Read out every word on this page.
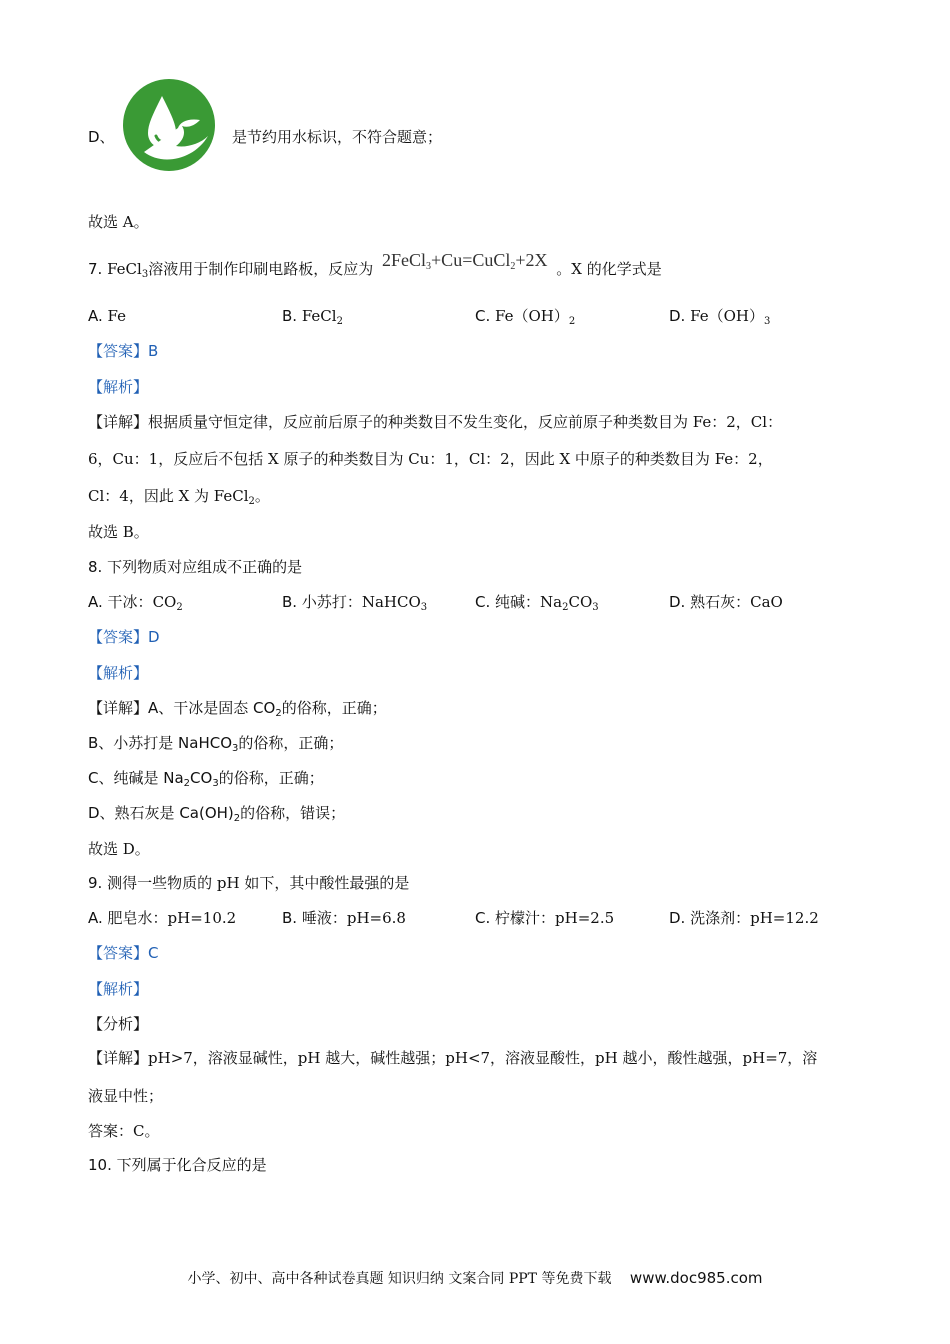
D、	是节约用水标识，不符合题意；
故选 A。
7. FeCl$_3$溶液用于制作印刷电路板，反应为 2FeCl$_3$+Cu=CuCl$_2$+2X 。X 的化学式是
A. Fe	B. FeCl$_2$	C. $Fe(OH)_2$	D. $Fe(OH)_3$
【答案】B
【解析】
【详解】根据质量守恒定律，反应前后原子的种类数目不发生变化，反应前原子种类数目为 Fe：2，Cl：
6，Cu：1，反应后不包括 X 原子的种类数目为 Cu：1，Cl：2，因此 X 中原子的种类数目为 Fe：2，
Cl：4，因此 X 为 FeCl$_2$。
故选 B。
8. 下列物质对应组成不正确的是
A. 干冰：$CO_2$	B. 小苏打：NaHCO$_3$	C. 纯碱：$Na_2CO_3$	D. 熟石灰：CaO
【答案】D
【解析】
【详解】A、干冰是固态 $CO_2$的俗称，正确；
B、小苏打是 NaHCO$_3$的俗称，正确；
C、纯碱是 $Na_2CO_3$的俗称，正确；
D、熟石灰是 $Ca(OH)_2$的俗称，错误；
故选 D。
9. 测得一些物质的 pH 如下，其中酸性最强的是
A. 肥皂水：pH=10.2	B. 唾液：pH=6.8	C. 柠檬汁：pH=2.5	D. 洗涤剂：pH=12.2
【答案】C
【解析】
【分析】
【详解】pH>7，溶液显碱性，pH 越大，碱性越强；pH<7，溶液显酸性，pH 越小，酸性越强，pH=7，溶
液显中性；
答案：C。
10. 下列属于化合反应的是
小学、初中、高中各种试卷真题 知识归纳 文案合同 PPT 等免费下载 www.doc985.com
